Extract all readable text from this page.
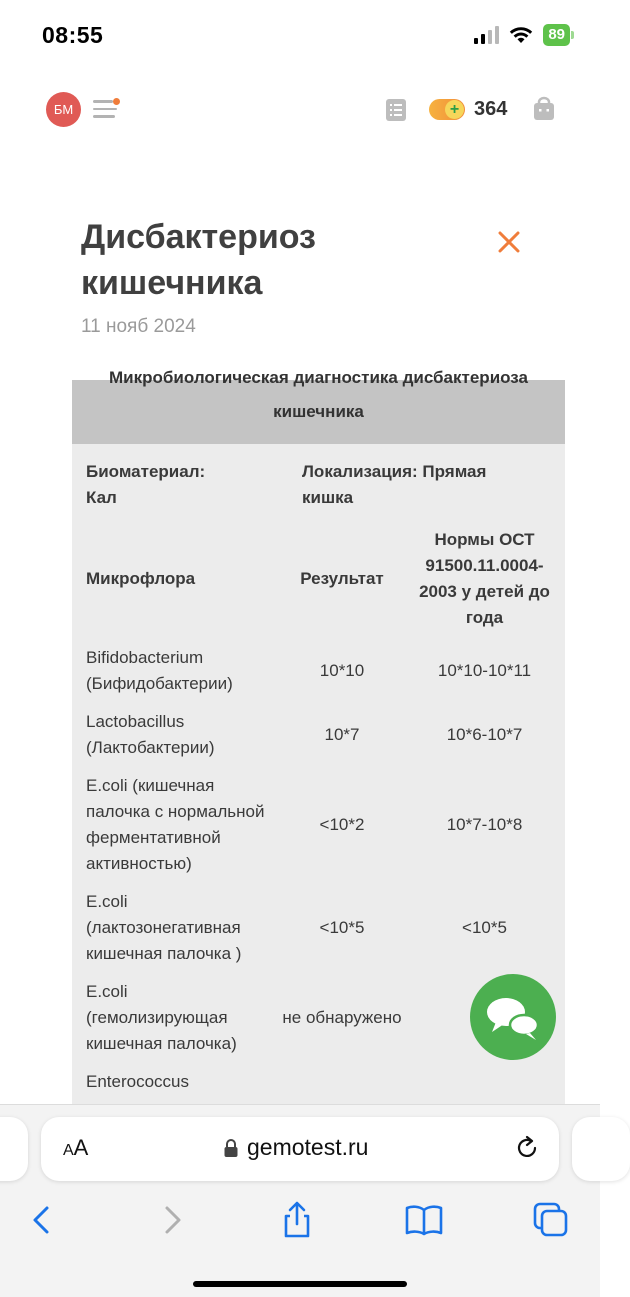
08:55	89
БМ	+ 364
Дисбактериоз кишечника
11 нояб 2024
Микробиологическая диагностика дисбактериоза
кишечника
Биоматериал: Кал
Локализация: Прямая кишка
Микрофлора	Результат	Нормы ОСТ 91500.11.0004-2003 у детей до года
Bifidobacterium (Бифидобактерии)	10*10	10*10-10*11
Lactobacillus (Лактобактерии)	10*7	10*6-10*7
E.coli (кишечная палочка с нормальной ферментативной активностью)	<10*2	10*7-10*8
E.coli (лактозонегативная кишечная палочка )	<10*5	<10*5
E.coli (гемолизирующая кишечная палочка)	не обнаружено	
Enterococcus		
AA	gemotest.ru
